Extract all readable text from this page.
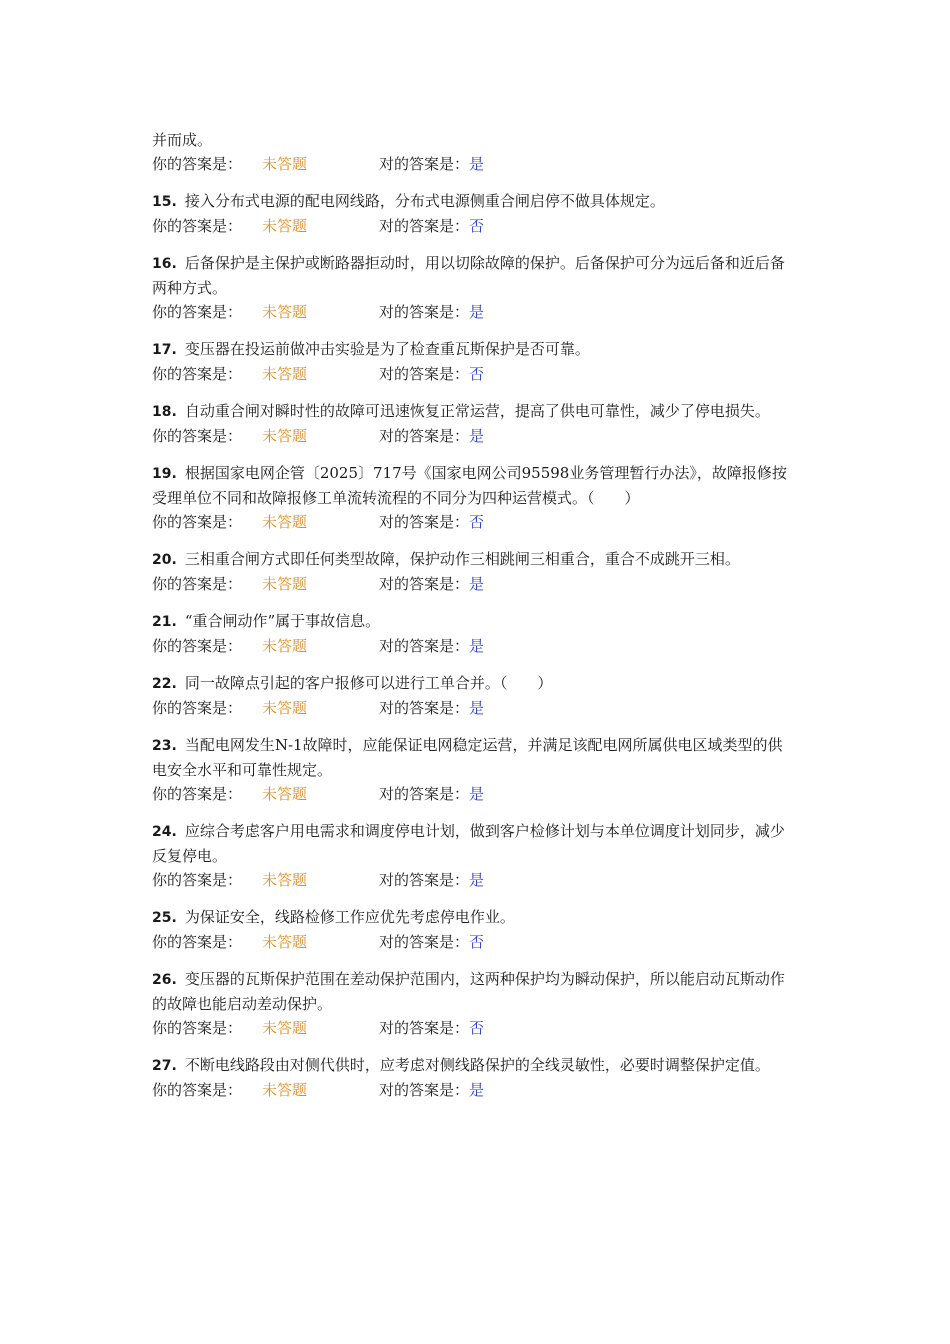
并而成。

你的答案是：	未答题	对的答案是： 是

15. 接入分布式电源的配电网线路，分布式电源侧重合闸启停不做具体规定。

你的答案是：	未答题	对的答案是： 否

16. 后备保护是主保护或断路器拒动时，用以切除故障的保护。后备保护可分为远后备和近后备两种方式。

你的答案是：	未答题	对的答案是： 是

17. 变压器在投运前做冲击实验是为了检查重瓦斯保护是否可靠。

你的答案是：	未答题	对的答案是： 否

18. 自动重合闸对瞬时性的故障可迅速恢复正常运营，提高了供电可靠性，减少了停电损失。

你的答案是：	未答题	对的答案是： 是

19. 根据国家电网企管〔2025〕717号《国家电网公司95598业务管理暂行办法》，故障报修按受理单位不同和故障报修工单流转流程的不同分为四种运营模式。（　　）

你的答案是：	未答题	对的答案是： 否

20. 三相重合闸方式即任何类型故障，保护动作三相跳闸三相重合，重合不成跳开三相。

你的答案是：	未答题	对的答案是： 是

21. “重合闸动作”属于事故信息。

你的答案是：	未答题	对的答案是： 是

22. 同一故障点引起的客户报修可以进行工单合并。（　　）

你的答案是：	未答题	对的答案是： 是

23. 当配电网发生N-1故障时，应能保证电网稳定运营，并满足该配电网所属供电区域类型的供电安全水平和可靠性规定。

你的答案是：	未答题	对的答案是： 是

24. 应综合考虑客户用电需求和调度停电计划，做到客户检修计划与本单位调度计划同步，减少反复停电。

你的答案是：	未答题	对的答案是： 是

25. 为保证安全，线路检修工作应优先考虑停电作业。

你的答案是：	未答题	对的答案是： 否

26. 变压器的瓦斯保护范围在差动保护范围内，这两种保护均为瞬动保护，所以能启动瓦斯动作的故障也能启动差动保护。

你的答案是：	未答题	对的答案是： 否

27. 不断电线路段由对侧代供时，应考虑对侧线路保护的全线灵敏性，必要时调整保护定值。

你的答案是：	未答题	对的答案是： 是
